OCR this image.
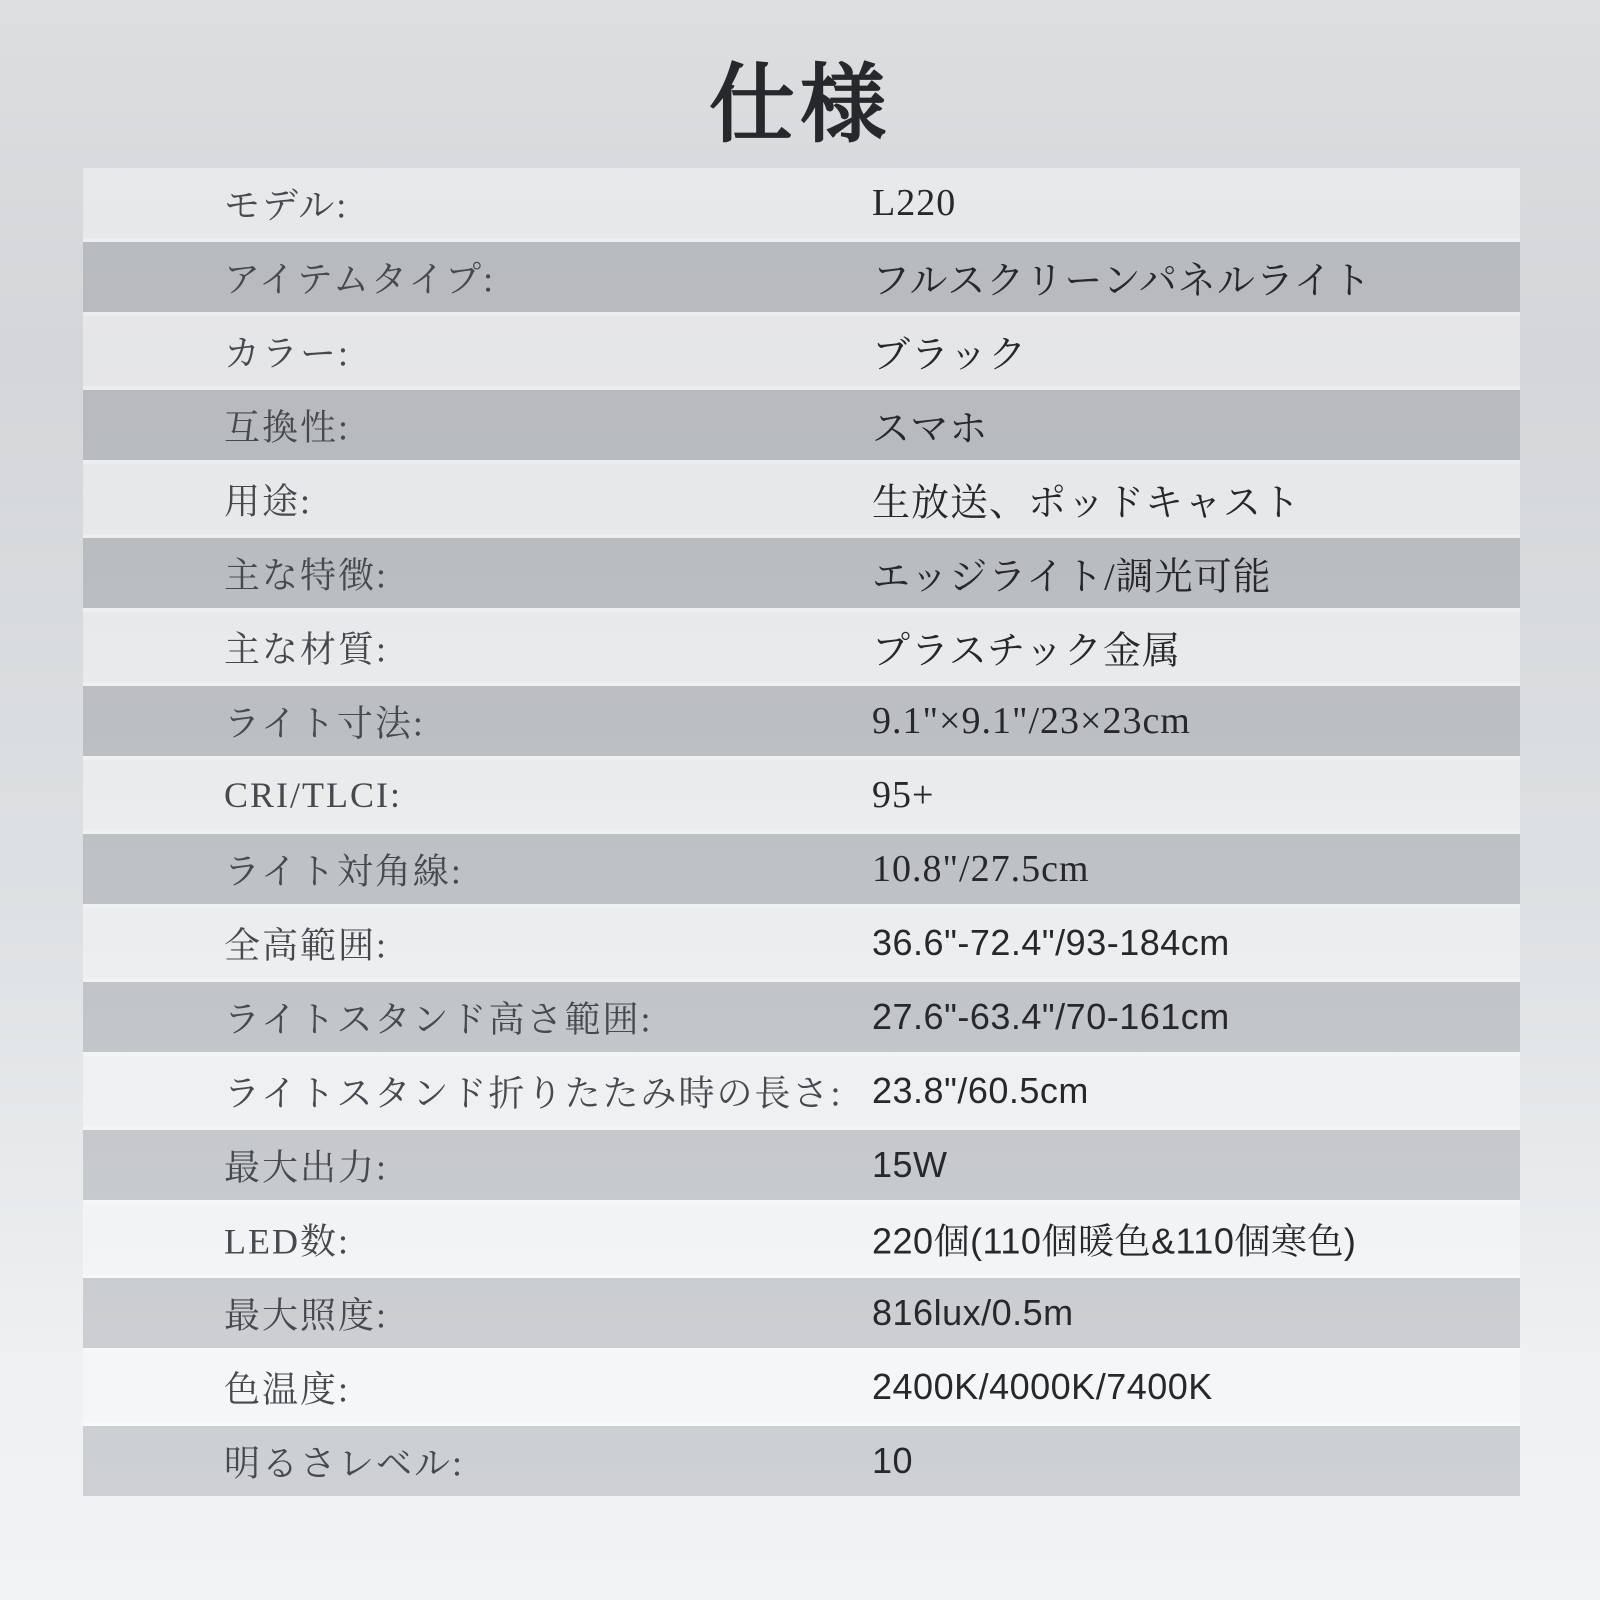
仕様
モデル:	L220
アイテムタイプ:	フルスクリーンパネルライト
カラー:	ブラック
互換性:	スマホ
用途:	生放送、ポッドキャスト
主な特徴:	エッジライト/調光可能
主な材質:	プラスチック金属
ライト寸法:	9.1"×9.1"/23×23cm
CRI/TLCI:	95+
ライト対角線:	10.8"/27.5cm
全高範囲:	36.6"-72.4"/93-184cm
ライトスタンド高さ範囲:	27.6"-63.4"/70-161cm
ライトスタンド折りたたみ時の長さ: 23.8"/60.5cm
最大出力:	15W
LED数:	220個(110個暖色&110個寒色)
最大照度:	816lux/0.5m
色温度:	2400K/4000K/7400K
明るさレベル:	10
